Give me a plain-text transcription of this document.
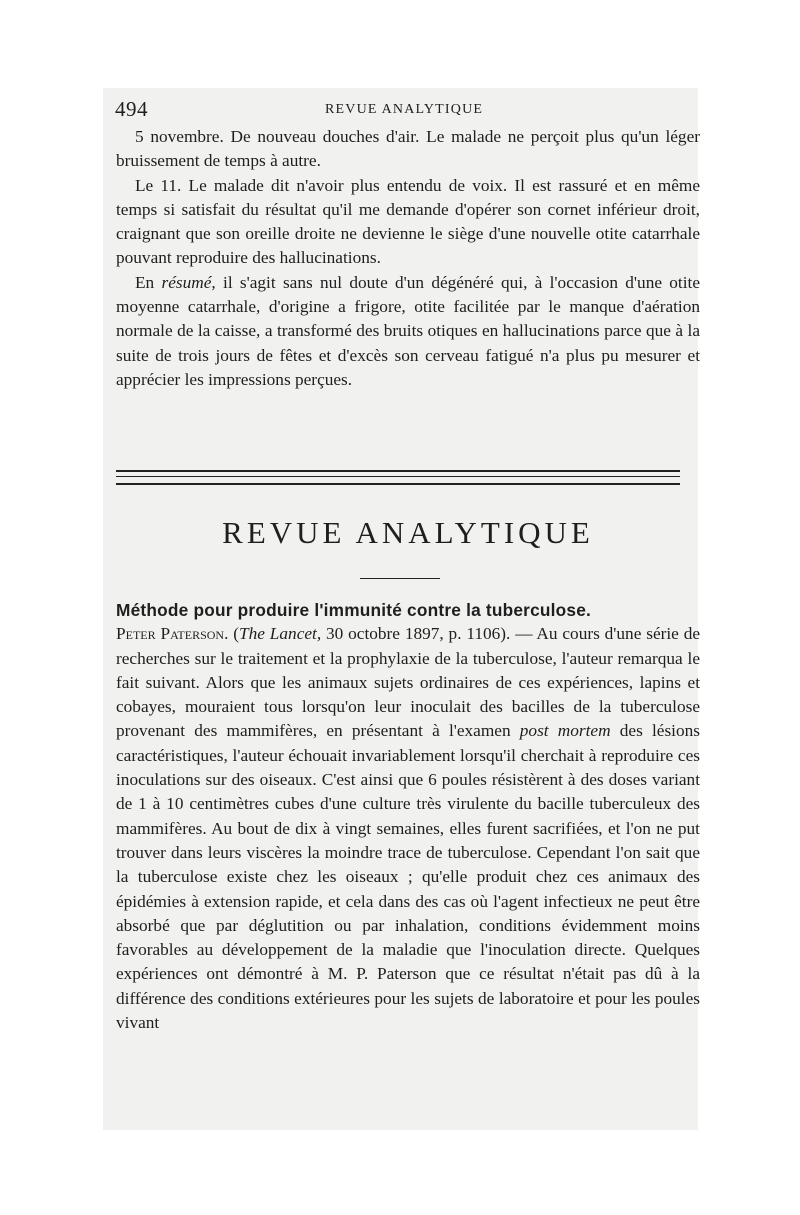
494	REVUE ANALYTIQUE

5 novembre. De nouveau douches d'air. Le malade ne perçoit plus qu'un léger bruissement de temps à autre.

Le 11. Le malade dit n'avoir plus entendu de voix. Il est rassuré et en même temps si satisfait du résultat qu'il me demande d'opérer son cornet inférieur droit, craignant que son oreille droite ne devienne le siège d'une nouvelle otite catarrhale pouvant reproduire des hallucinations.

En résumé, il s'agit sans nul doute d'un dégénéré qui, à l'occasion d'une otite moyenne catarrhale, d'origine a frigore, otite facilitée par le manque d'aération normale de la caisse, a transformé des bruits otiques en hallucinations parce que à la suite de trois jours de fêtes et d'excès son cerveau fatigué n'a plus pu mesurer et apprécier les impressions perçues.

REVUE ANALYTIQUE

Méthode pour produire l'immunité contre la tuberculose.

Peter Paterson. (The Lancet, 30 octobre 1897, p. 1106). — Au cours d'une série de recherches sur le traitement et la prophylaxie de la tuberculose, l'auteur remarqua le fait suivant. Alors que les animaux sujets ordinaires de ces expériences, lapins et cobayes, mouraient tous lorsqu'on leur inoculait des bacilles de la tuberculose provenant des mammifères, en présentant à l'examen post mortem des lésions caractéristiques, l'auteur échouait invariablement lorsqu'il cherchait à reproduire ces inoculations sur des oiseaux. C'est ainsi que 6 poules résistèrent à des doses variant de 1 à 10 centimètres cubes d'une culture très virulente du bacille tuberculeux des mammifères. Au bout de dix à vingt semaines, elles furent sacrifiées, et l'on ne put trouver dans leurs viscères la moindre trace de tuberculose. Cependant l'on sait que la tuberculose existe chez les oiseaux ; qu'elle produit chez ces animaux des épidémies à extension rapide, et cela dans des cas où l'agent infectieux ne peut être absorbé que par déglutition ou par inhalation, conditions évidemment moins favorables au développement de la maladie que l'inoculation directe. Quelques expériences ont démontré à M. P. Paterson que ce résultat n'était pas dû à la différence des conditions extérieures pour les sujets de laboratoire et pour les poules vivant
